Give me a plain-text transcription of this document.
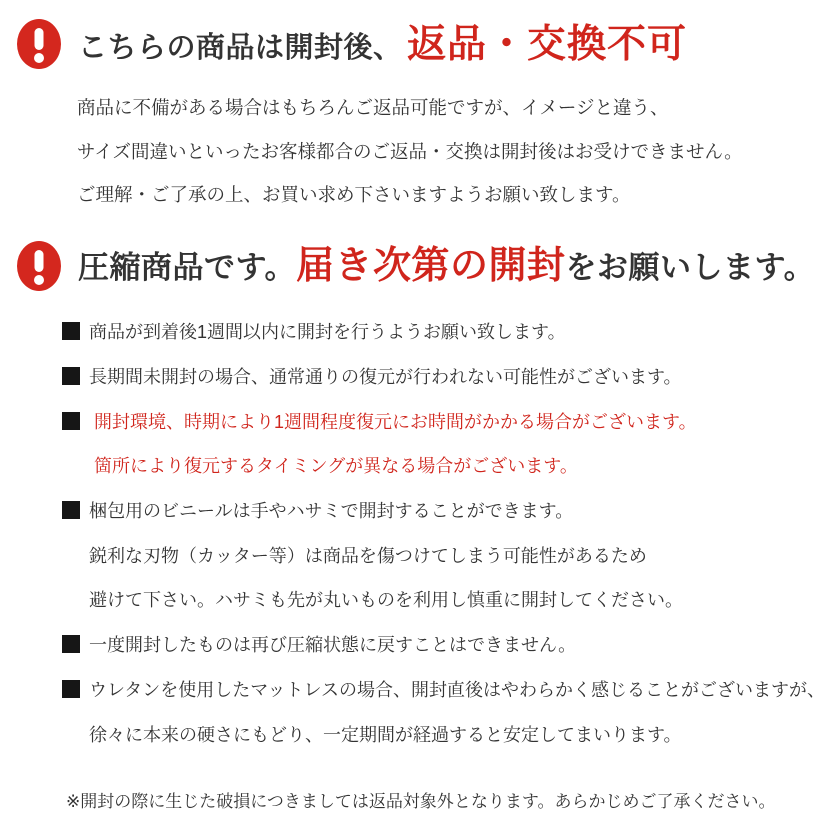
こちらの商品は開封後、 返品・交換不可
商品に不備がある場合はもちろんご返品可能ですが、イメージと違う、
サイズ間違いといったお客様都合のご返品・交換は開封後はお受けできません。
ご理解・ご了承の上、お買い求め下さいますようお願い致します。
圧縮商品です。届き次第の開封をお願いします。
商品が到着後1週間以内に開封を行うようお願い致します。
長期間未開封の場合、通常通りの復元が行われない可能性がございます。
開封環境、時期により1週間程度復元にお時間がかかる場合がございます。
箇所により復元するタイミングが異なる場合がございます。
梱包用のビニールは手やハサミで開封することができます。
鋭利な刃物（カッター等）は商品を傷つけてしまう可能性があるため
避けて下さい。ハサミも先が丸いものを利用し慎重に開封してください。
一度開封したものは再び圧縮状態に戻すことはできません。
ウレタンを使用したマットレスの場合、開封直後はやわらかく感じることがございますが、
徐々に本来の硬さにもどり、一定期間が経過すると安定してまいります。
※開封の際に生じた破損につきましては返品対象外となります。あらかじめご了承ください。
